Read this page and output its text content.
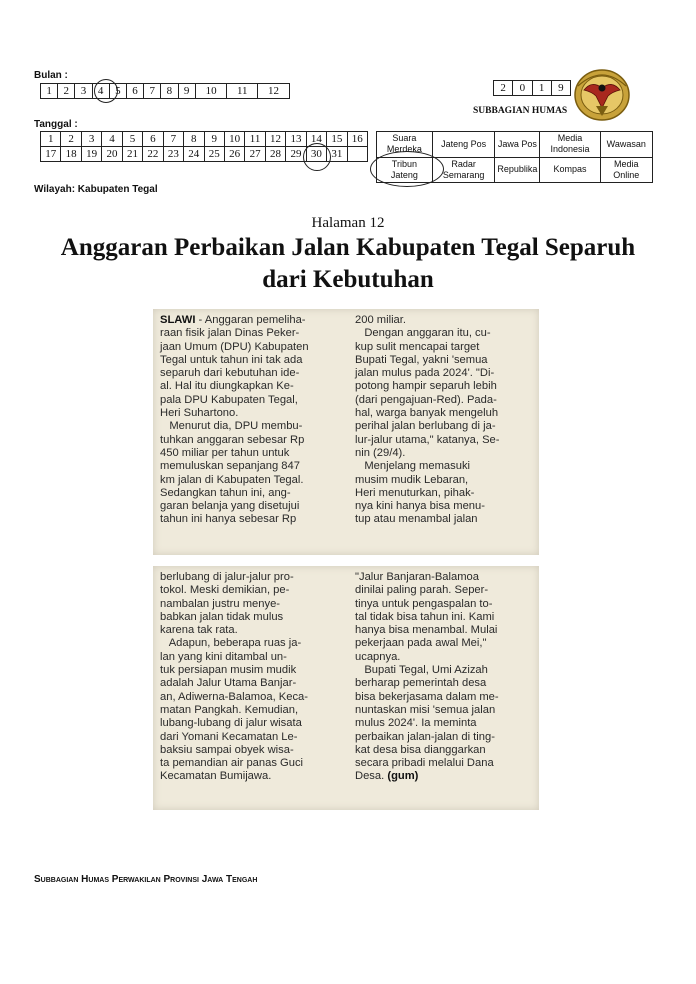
Bulan :
1	2	3	4	5	6	7	8	9	10	11	12	2	0	1	9
SUBBAGIAN HUMAS
Tanggal :
1	2	3	4	5	6	7	8	9	10	11	12	13	14	15	16
17	18	19	20	21	22	23	24	25	26	27	28	29	30	31	
Suara Merdeka	Jateng Pos	Jawa Pos	Media Indonesia	Wawasan
Tribun Jateng	Radar Semarang	Republika	Kompas	Media Online
Wilayah: Kabupaten Tegal
Halaman 12
Anggaran Perbaikan Jalan Kabupaten Tegal Separuh
dari Kebutuhan
SLAWI - Anggaran pemeliha-
raan fisik jalan Dinas Peker-
jaan Umum (DPU) Kabupaten
Tegal untuk tahun ini tak ada
separuh dari kebutuhan ide-
al. Hal itu diungkapkan Ke-
pala DPU Kabupaten Tegal,
Heri Suhartono.
Menurut dia, DPU membu-
tuhkan anggaran sebesar Rp
450 miliar per tahun untuk
memuluskan sepanjang 847
km jalan di Kabupaten Tegal.
Sedangkan tahun ini, ang-
garan belanja yang disetujui
tahun ini hanya sebesar Rp
200 miliar.
Dengan anggaran itu, cu-
kup sulit mencapai target
Bupati Tegal, yakni 'semua
jalan mulus pada 2024'. "Di-
potong hampir separuh lebih
(dari pengajuan-Red). Pada-
hal, warga banyak mengeluh
perihal jalan berlubang di ja-
lur-jalur utama," katanya, Se-
nin (29/4).
Menjelang memasuki
musim mudik Lebaran,
Heri menuturkan, pihak-
nya kini hanya bisa menu-
tup atau menambal jalan
berlubang di jalur-jalur pro-
tokol. Meski demikian, pe-
nambalan justru menye-
babkan jalan tidak mulus
karena tak rata.
Adapun, beberapa ruas ja-
lan yang kini ditambal un-
tuk persiapan musim mudik
adalah Jalur Utama Banjar-
an, Adiwerna-Balamoa, Keca-
matan Pangkah. Kemudian,
lubang-lubang di jalur wisata
dari Yomani Kecamatan Le-
baksiu sampai obyek wisa-
ta pemandian air panas Guci
Kecamatan Bumijawa.
"Jalur Banjaran-Balamoa
dinilai paling parah. Seper-
tinya untuk pengaspalan to-
tal tidak bisa tahun ini. Kami
hanya bisa menambal. Mulai
pekerjaan pada awal Mei,"
ucapnya.
Bupati Tegal, Umi Azizah
berharap pemerintah desa
bisa bekerjasama dalam me-
nuntaskan misi 'semua jalan
mulus 2024'. Ia meminta
perbaikan jalan-jalan di ting-
kat desa bisa dianggarkan
secara pribadi melalui Dana
Desa. (gum)
Subbagian Humas Perwakilan Provinsi Jawa Tengah
